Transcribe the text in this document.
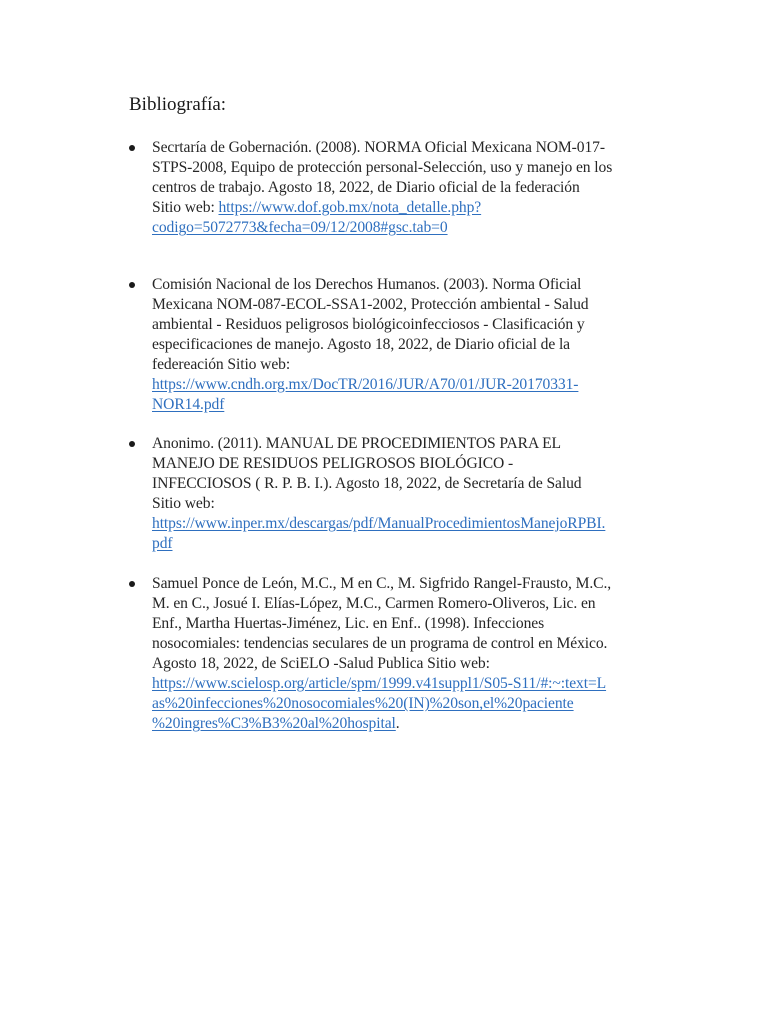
Bibliografía:
Secrtaría de Gobernación. (2008). NORMA Oficial Mexicana NOM-017-
STPS-2008, Equipo de protección personal-Selección, uso y manejo en los
centros de trabajo. Agosto 18, 2022, de Diario oficial de la federación
Sitio web: https://www.dof.gob.mx/nota_detalle.php?
codigo=5072773&fecha=09/12/2008#gsc.tab=0
Comisión Nacional de los Derechos Humanos. (2003). Norma Oficial
Mexicana NOM-087-ECOL-SSA1-2002, Protección ambiental - Salud
ambiental - Residuos peligrosos biológicoinfecciosos - Clasificación y
especificaciones de manejo. Agosto 18, 2022, de Diario oficial de la
federeación Sitio web:
https://www.cndh.org.mx/DocTR/2016/JUR/A70/01/JUR-20170331-
NOR14.pdf
Anonimo. (2011). MANUAL DE PROCEDIMIENTOS PARA EL
MANEJO DE RESIDUOS PELIGROSOS BIOLÓGICO -
INFECCIOSOS ( R. P. B. I.). Agosto 18, 2022, de Secretaría de Salud
Sitio web:
https://www.inper.mx/descargas/pdf/ManualProcedimientosManejoRPBI.
pdf
Samuel Ponce de León, M.C., M en C., M. Sigfrido Rangel-Frausto, M.C.,
M. en C., Josué I. Elías-López, M.C., Carmen Romero-Oliveros, Lic. en
Enf., Martha Huertas-Jiménez, Lic. en Enf.. (1998). Infecciones
nosocomiales: tendencias seculares de un programa de control en México.
Agosto 18, 2022, de SciELO -Salud Publica Sitio web:
https://www.scielosp.org/article/spm/1999.v41suppl1/S05-S11/#:~:text=L
as%20infecciones%20nosocomiales%20(IN)%20son,el%20paciente
%20ingres%C3%B3%20al%20hospital.
